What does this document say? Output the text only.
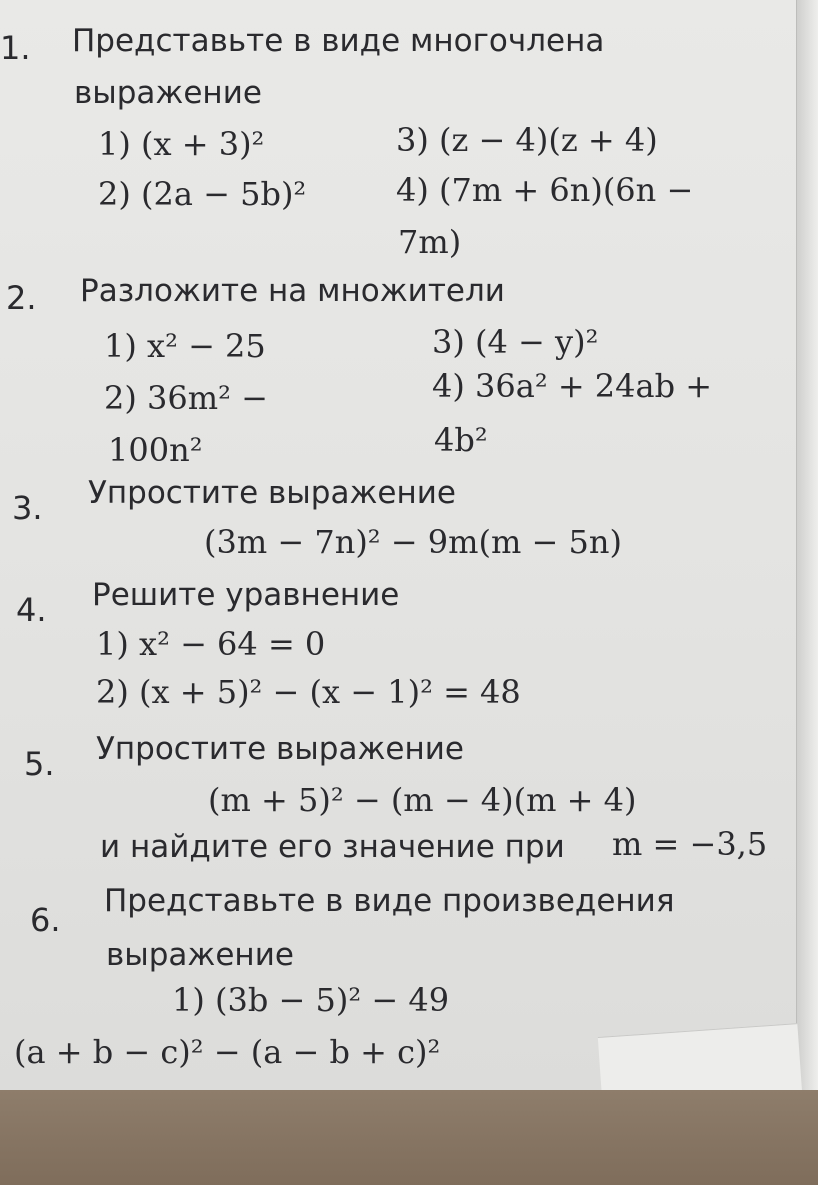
1. Представьте в виде многочлена
выражение
1) (x + 3)²
2) (2a − 5b)²
3) (z − 4)(z + 4)
4) (7m + 6n)(6n −
7m)
2. Разложите на множители
1) x² − 25
2) 36m² −
100n²
3) (4 − y)²
4) 36a² + 24ab +
4b²
3. Упростите выражение
(3m − 7n)² − 9m(m − 5n)
4. Решите уравнение
1) x² − 64 = 0
2) (x + 5)² − (x − 1)² = 48
5. Упростите выражение
(m + 5)² − (m − 4)(m + 4)
и найдите его значение при m = −3,5
6. Представьте в виде произведения
выражение
1) (3b − 5)² − 49
(a + b − c)² − (a − b + c)²
